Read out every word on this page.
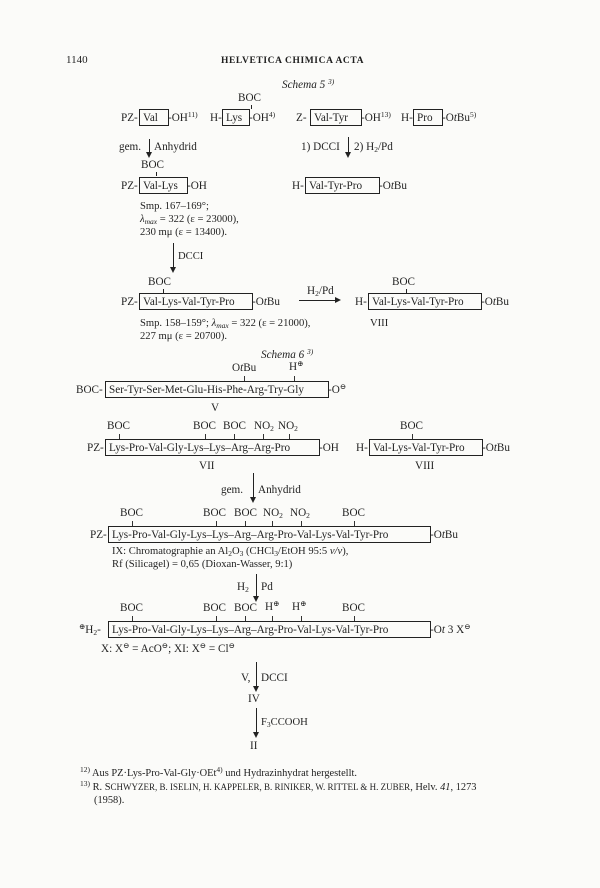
1140	HELVETICA CHIMICA ACTA
Schema 5 $^{3)}$
BOC
PZ- Val -OH$^{11)}$ H- Lys -OH$^{4)}$ Z- Val-Tyr -OH$^{13)}$ H- Pro -OtBu$^{5)}$
gem. Anhydrid	1) DCCI 2) H2/Pd
BOC
PZ- Val-Lys -OH	H- Val-Tyr-Pro -OtBu
Smp. 167–169°;
λmax = 322 (ε = 23000),
230 mμ (ε = 13400).
DCCI
BOC	BOC
PZ- Val-Lys-Val-Tyr-Pro -OtBu
H2/Pd
H- Val-Lys-Val-Tyr-Pro -OtBu
Smp. 158–159°; λmax = 322 (ε = 21000),	VIII
227 mμ (ε = 20700).
Schema 6 $^{3)}$
OtBu	H⊕
BOC- Ser-Tyr-Ser-Met-Glu-His-Phe-Arg-Try-Gly -O⊖
V
BOC	BOC BOC NO2 NO2	BOC
PZ- Lys-Pro-Val-Gly-Lys–Lys–Arg–Arg-Pro	-OH H- Val-Lys-Val-Tyr-Pro -OtBu
VII	VIII
gem. Anhydrid
BOC	BOC BOC NO2 NO2	BOC
PZ- Lys-Pro-Val-Gly-Lys–Lys–Arg–Arg-Pro-Val-Lys-Val-Tyr-Pro	-OtBu
IX: Chromatographie an Al2O3 (CHCl3/EtOH 95:5 v/v),
Rf (Silicagel) = 0,65 (Dioxan-Wasser, 9:1)
H2 Pd
BOC	BOC BOC H⊕ H⊕	BOC
⊕H2- Lys-Pro-Val-Gly-Lys–Lys–Arg–Arg-Pro-Val-Lys-Val-Tyr-Pro	-Ot 3 X⊖
X: X⊖ = AcO⊖; XI: X⊖ = Cl⊖
V, DCCI
IV
F3CCOOH
II
$^{12)}$ Aus PZ·Lys-Pro-Val-Gly·OEt$^{4)}$ und Hydrazinhydrat hergestellt.
$^{13)}$ R. SCHWYZER, B. ISELIN, H. KAPPELER, B. RINIKER, W. RITTEL & H. ZUBER, Helv. 41, 1273
(1958).
